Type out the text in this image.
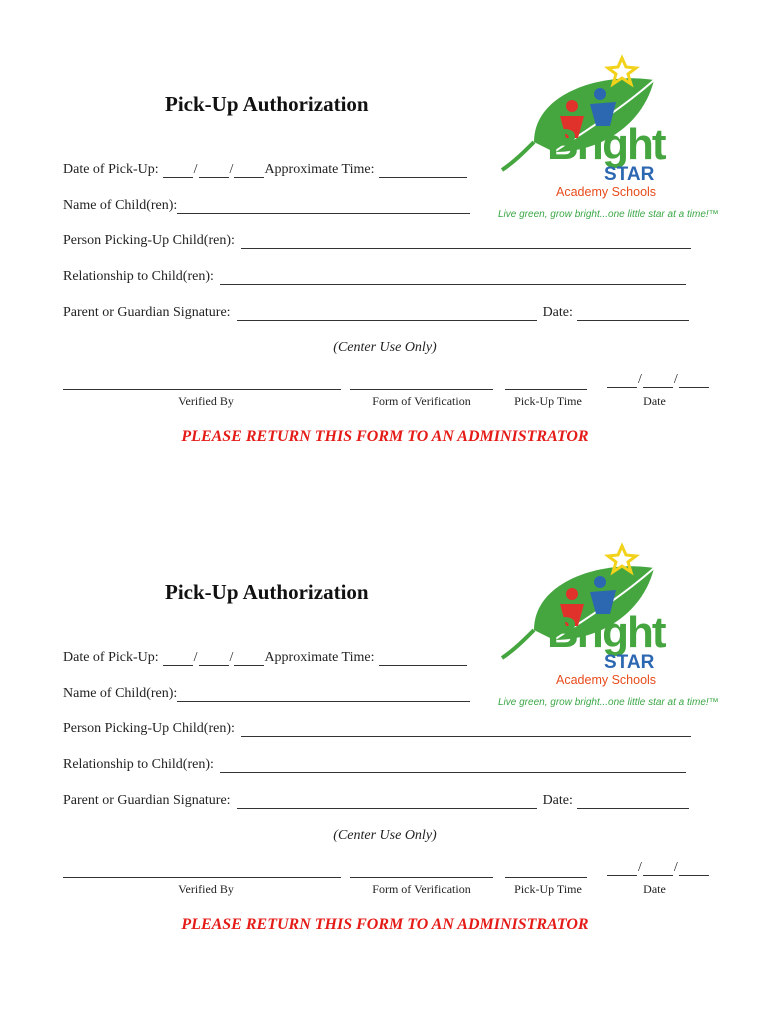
Pick-Up Authorization
Bright
STAR
Academy Schools
Live green, grow bright...one little star at a time!™
Date of Pick-Up:	/ / Approximate Time:
Name of Child(ren):
Person Picking-Up Child(ren):
Relationship to Child(ren):
Parent or Guardian Signature:	Date:
(Center Use Only)
/ /
Verified By	Form of Verification	Pick-Up Time	Date
PLEASE RETURN THIS FORM TO AN ADMINISTRATOR
Pick-Up Authorization
Bright
STAR
Academy Schools
Live green, grow bright...one little star at a time!™
Date of Pick-Up:	/ / Approximate Time:
Name of Child(ren):
Person Picking-Up Child(ren):
Relationship to Child(ren):
Parent or Guardian Signature:	Date:
(Center Use Only)
/ /
Verified By	Form of Verification	Pick-Up Time	Date
PLEASE RETURN THIS FORM TO AN ADMINISTRATOR
